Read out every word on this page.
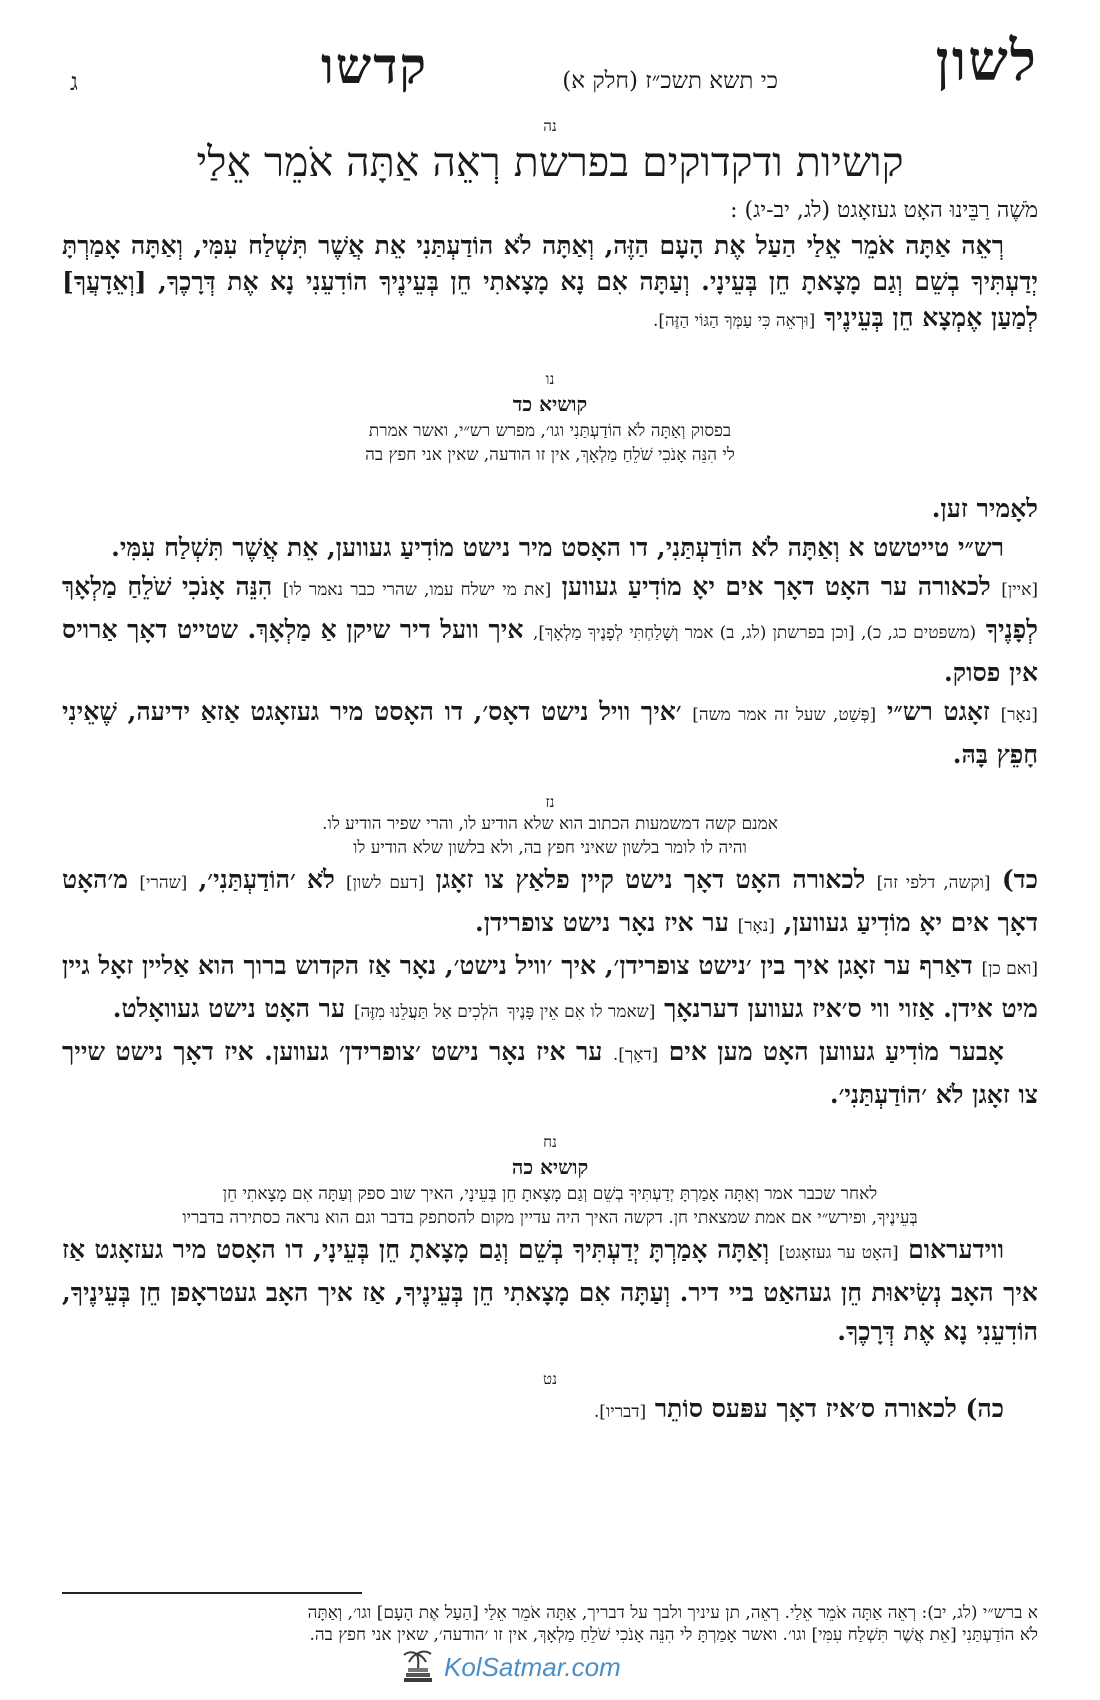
לשון
כי תשא תשכ״ז (חלק א)
קדשו
ג

נה

קושיות ודקדוקים בפרשת רְאֵה אַתָּה אֹמֵר אֵלַי

מֹשֶׁה רַבֵּינוּ האָט געזאָגט (לג, יב-יג) :

רְאֵה אַתָּה אֹמֵר אֵלַי הַעַל אֶת הָעָם הַזֶּה, וְאַתָּה לֹא הוֹדַעְתַּנִי אֵת אֲשֶׁר תִּשְׁלַח עִמִּי, וְאַתָּה אָמַרְתָּ יְדַעְתִּיךָ בְשֵׁם וְגַם מָצָאתָ חֵן בְּעֵינָי. וְעַתָּה אִם נָא מָצָאתִי חֵן בְּעֵינֶיךָ הוֹדִעֵנִי נָא אֶת דְּרָכֶךָ, [וְאֵדָעֲךָ] לְמַעַן אֶמְצָא חֵן בְּעֵינֶיךָ [וּרְאֵה כִּי עַמְּךָ הַגּוֹי הַזֶּה].

נו

קושיא כד

בפסוק וְאַתָּה לֹא הוֹדַעְתַּנִי וגו׳, מפרש רש״י, ואשר אמרת

לי הִנֵּה אָנֹכִי שֹׁלֵחַ מַלְאָךְ, אין זו הודעה, שאין אני חפץ בה

לאָמיר זען.

רש״י טייטשט א וְאַתָּה לֹא הוֹדַעְתַּנִי, דו האָסט מיר נישט מוֹדִיעַ געווען, אֵת אֲשֶׁר תִּשְׁלַח עִמִּי.

[איין] לכאורה ער האָט דאָך אים יאָ מוֹדִיעַ געווען [את מי ישלח עמו, שהרי כבר נאמר לו] הִנֵּה אָנֹכִי שֹׁלֵחַ מַלְאָךְ לְפָנֶיךָ (משפטים כג, כ), [וכן בפרשתן (לג, ב) אמר וְשָׁלַחְתִּי לְפָנֶיךָ מַלְאָךְ], איך וועל דיר שיקן אַ מַלְאָךְ. שטייט דאָך אַרויס אין פסוק.

[נאָר] זאָגט רש״י [פְּשַׁט, שעל זה אמר משה] ׳איך וויל נישט דאָס׳, דו האָסט מיר געזאָגט אַזאַ ידיעה, שֶׁאֵינִי חָפֵץ בָּהּ.

נז

אמנם קשה דמשמעות הכתוב הוא שלא הודיע לו, והרי שפיר הודיע לו.

והיה לו לומר בלשון שאיני חפץ בה, ולא בלשון שלא הודיע לו

כד) [וקשה, דלפי זה] לכאורה האָט דאָך נישט קיין פלאַץ צו זאָגן [דעם לשון] לֹא ׳הוֹדַעְתַּנִי׳, [שהרי] מ׳האָט דאָך אים יאָ מוֹדִיעַ געווען, [נאָר] ער איז נאָר נישט צופרידן.

[ואם כן] דאַרף ער זאָגן איך בין ׳נישט צופרידן׳, איך ׳וויל נישט׳, נאָר אַז הקדוש ברוך הוא אַליין זאָל גיין מיט אידן. אַזוי ווי ס׳איז געווען דערנאָך [שאמר לו אִם אֵין פָּנֶיךָ הֹלְכִים אַל תַּעֲלֵנוּ מִזֶּה] ער האָט נישט געוואָלט.

אָבער מוֹדִיעַ געווען האָט מען אים [דאָך]. ער איז נאָר נישט ׳צופרידן׳ געווען. איז דאָך נישט שייך צו זאָגן לֹא ׳הוֹדַעְתַּנִי׳.

נח

קושיא כה

לאחר שכבר אמר וְאַתָּה אָמַרְתָּ יְדַעְתִּיךָ בְשֵׁם וְגַם מָצָאתָ חֵן בְּעֵינָי, האיך שוב ספק וְעַתָּה אִם מָצָאתִי חֵן

בְּעֵינֶיךָ, ופירש״י אם אמת שמצאתי חן. דקשה האיך היה עדיין מקום להסתפק בדבר וגם הוא נראה כסתירה בדבריו

ווידעראום [האָט ער געזאָגט] וְאַתָּה אָמַרְתָּ יְדַעְתִּיךָ בְשֵׁם וְגַם מָצָאתָ חֵן בְּעֵינָי, דו האָסט מיר געזאָגט אַז איך האָב נְשִׂיאוּת חֵן געהאַט ביי דיר. וְעַתָּה אִם מָצָאתִי חֵן בְּעֵינֶיךָ, אַז איך האָב געטראָפן חֵן בְּעֵינֶיךָ, הוֹדִעֵנִי נָא אֶת דְּרָכֶךָ.

נט

כה) לכאורה ס׳איז דאָך עפּעס סוֹתֵר [דבריו].

א ברש״י (לג, יב): רְאֵה אַתָּה אֹמֵר אֵלַי. רְאֵה, תן עיניך ולבך על דבריך, אַתָּה אֹמֵר אֵלַי [הַעַל אֶת הָעָם] וגו׳, וְאַתָּה
לֹא הוֹדַעְתַּנִי [אֵת אֲשֶׁר תִּשְׁלַח עִמִּי] וגו׳. ואשר אָמַרְתָּ לי הִנֵּה אָנֹכִי שֹׁלֵחַ מַלְאָךְ, אין זו ׳הודעה׳, שאין אני חפץ בה.
KolSatmar.com
